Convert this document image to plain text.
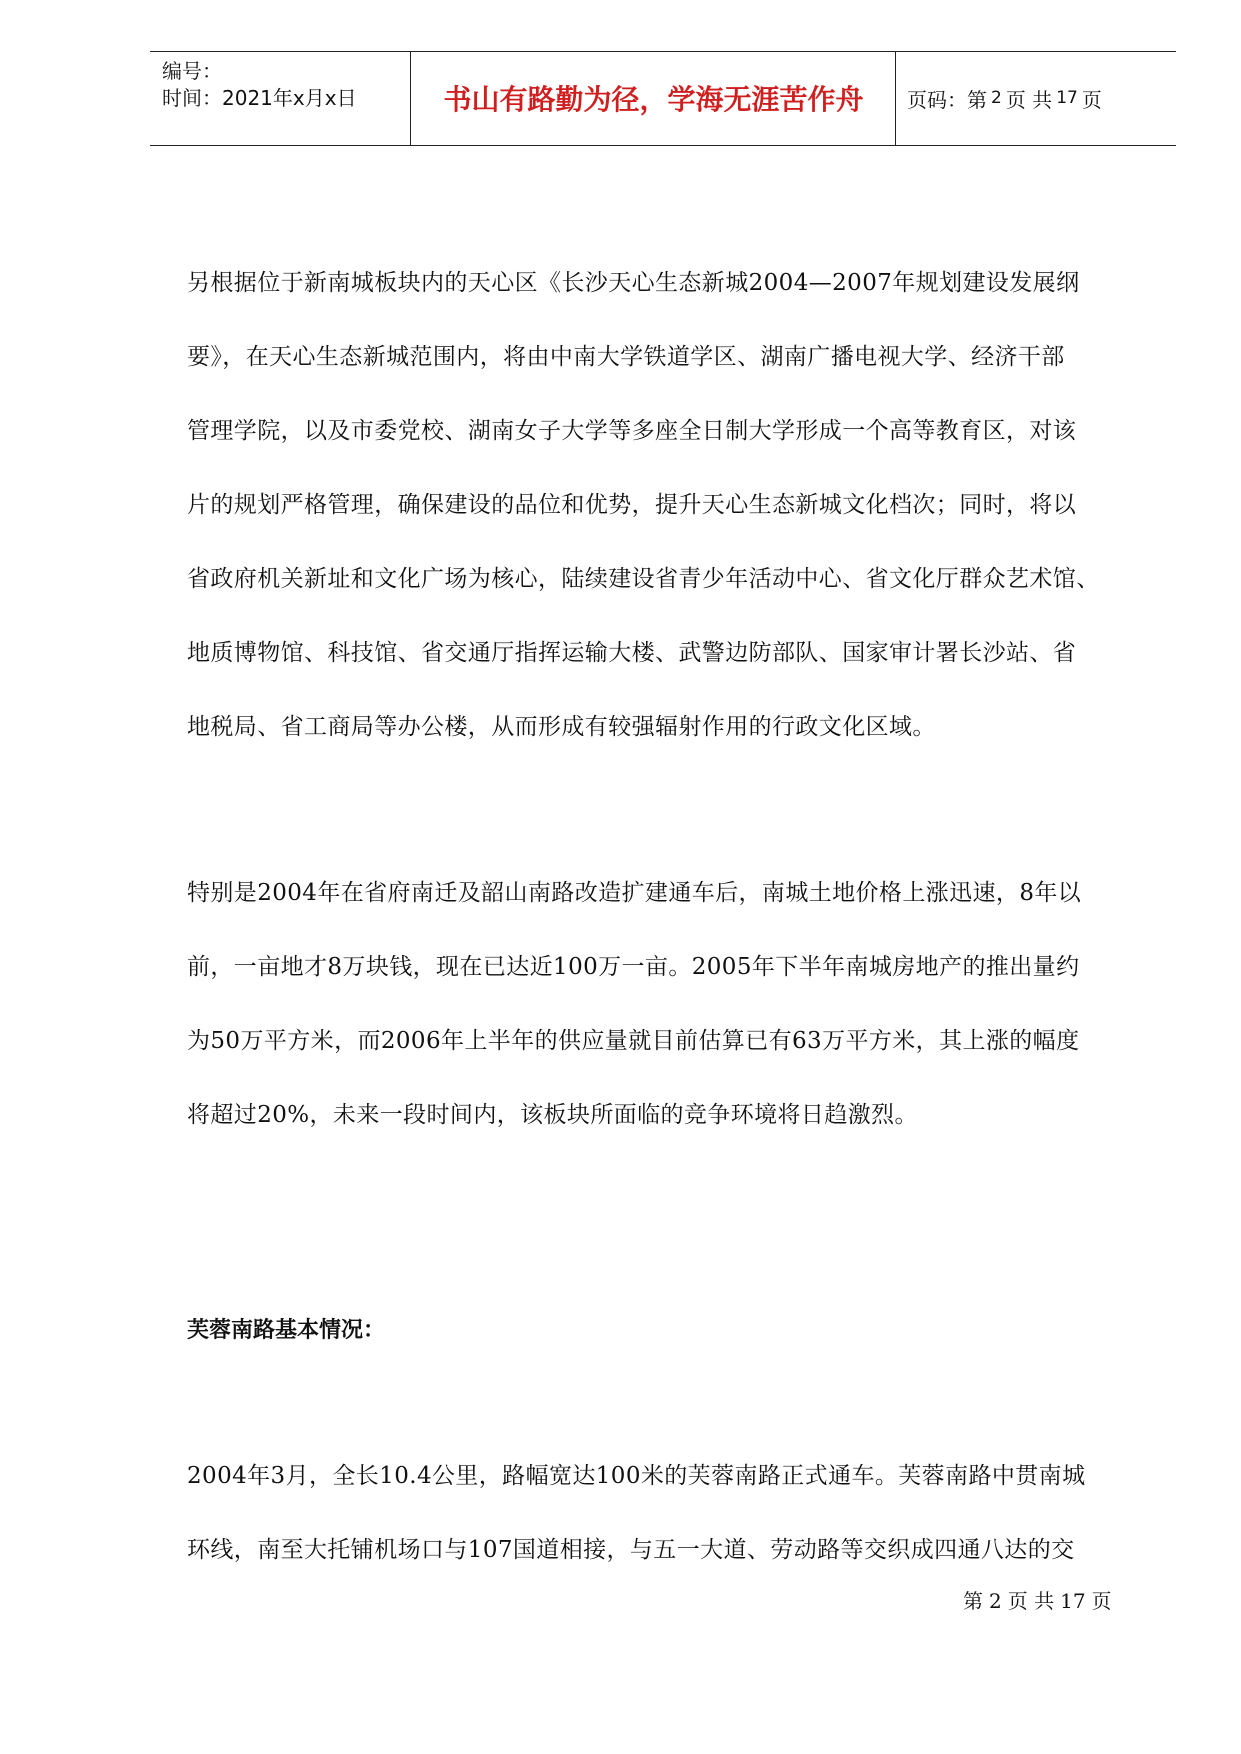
编号：
时间：2021年x月x日	书山有路勤为径，学海无涯苦作舟	页码：第 2 页 共 17 页
另根据位于新南城板块内的天心区《长沙天心生态新城2004—2007年规划建设发展纲
要》，在天心生态新城范围内，将由中南大学铁道学区、湖南广播电视大学、经济干部
管理学院，以及市委党校、湖南女子大学等多座全日制大学形成一个高等教育区，对该
片的规划严格管理，确保建设的品位和优势，提升天心生态新城文化档次；同时，将以
省政府机关新址和文化广场为核心，陆续建设省青少年活动中心、省文化厅群众艺术馆、
地质博物馆、科技馆、省交通厅指挥运输大楼、武警边防部队、国家审计署长沙站、省
地税局、省工商局等办公楼，从而形成有较强辐射作用的行政文化区域。
特别是2004年在省府南迁及韶山南路改造扩建通车后，南城土地价格上涨迅速，8年以
前，一亩地才8万块钱，现在已达近100万一亩。2005年下半年南城房地产的推出量约
为50万平方米，而2006年上半年的供应量就目前估算已有63万平方米，其上涨的幅度
将超过20%，未来一段时间内，该板块所面临的竞争环境将日趋激烈。
芙蓉南路基本情况：
2004年3月，全长10.4公里，路幅宽达100米的芙蓉南路正式通车。芙蓉南路中贯南城
环线，南至大托铺机场口与107国道相接，与五一大道、劳动路等交织成四通八达的交
第 2 页 共 17 页
